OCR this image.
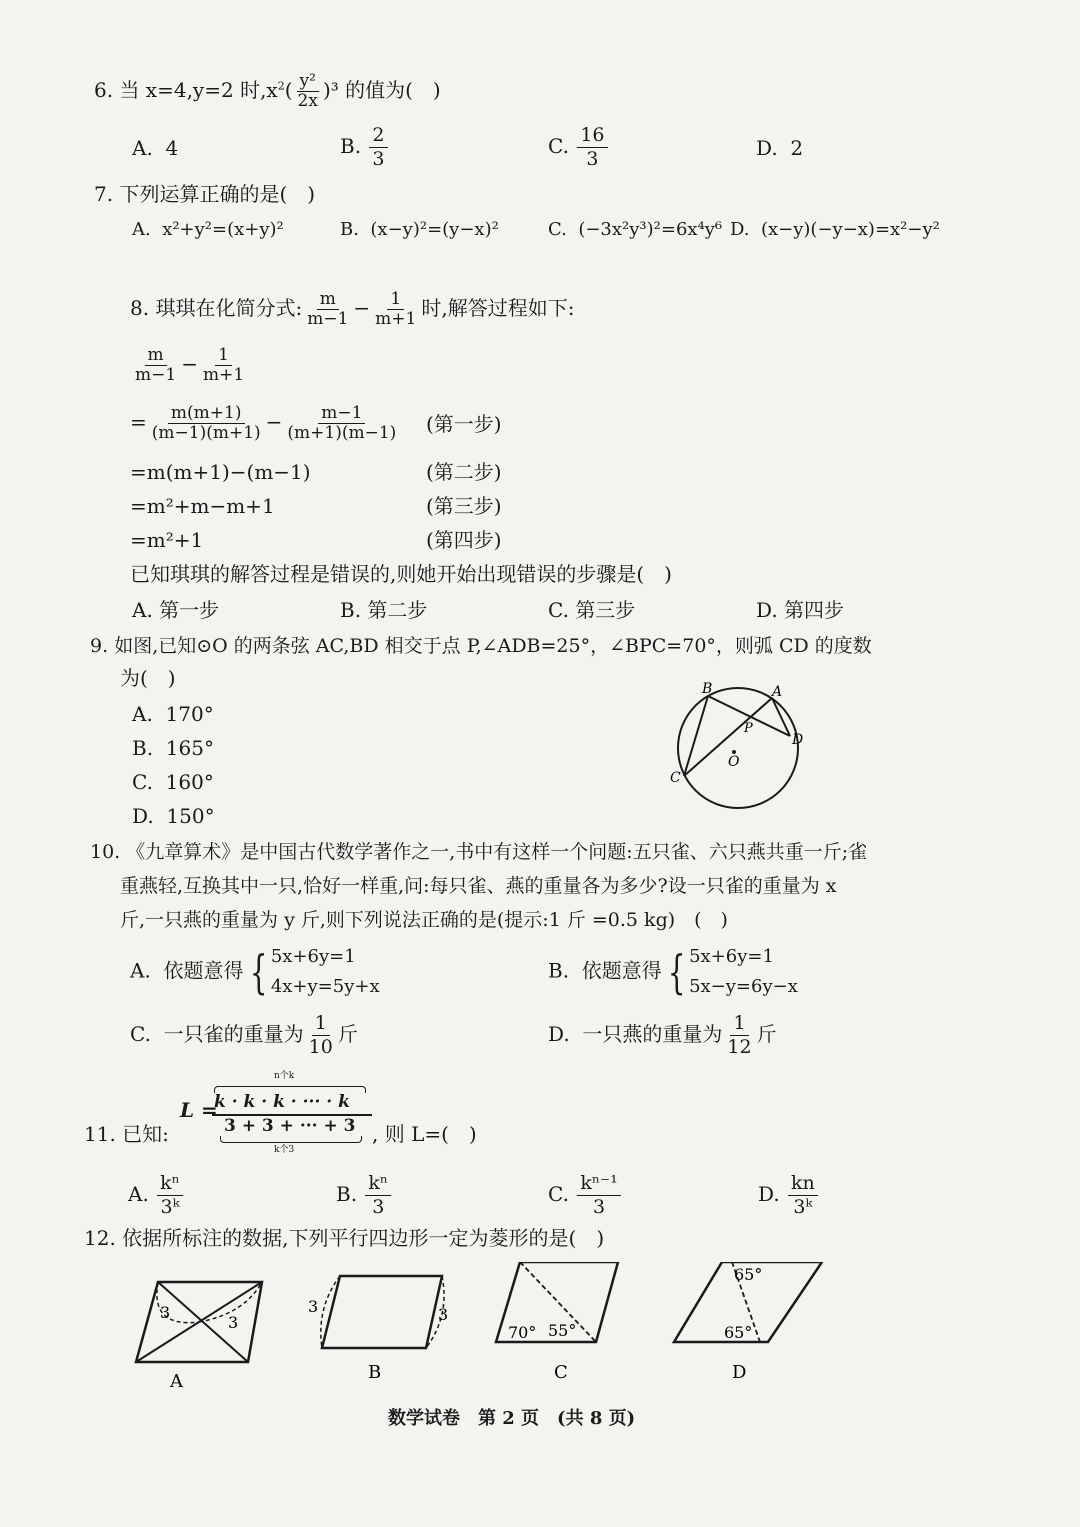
6. 当 x=4,y=2 时$,x^2( \frac{\text{y²}}{2x} )^3$ 的值为(　)
A. 4	B. $\frac{2}{3}$	C. $\frac{16}{3}$	D. 2
7. 下列运算正确的是(　)
A. x²+y²=(x+y)²	B. (x−y)²=(y−x)²	C. (−3x²y³)²=6x⁴y⁶ D. (x−y)(−y−x)=x²−y²
8. 琪琪在化简分式: $\frac{m}{m-1} - \frac{1}{m+1}$ 时,解答过程如下:
$\frac{m}{m-1} - \frac{1}{m+1}$
= $\frac{m(m+1)}{(m-1)(m+1)} - \frac{m-1}{(m+1)(m-1)}$ (第一步)
=m(m+1)−(m−1)	(第二步)
=m²+m−m+1	(第三步)
=m²+1	(第四步)
已知琪琪的解答过程是错误的,则她开始出现错误的步骤是(　)
A. 第一步	B. 第二步	C. 第三步	D. 第四步
9. 如图,已知⊙O 的两条弦 AC,BD 相交于点 P,∠ADB=25°，∠BPC=70°，则弧 CD 的度数
为(　)
A. 170°
B. 165°
C. 160°
D. 150°
B	A
P
D
O
C
10. 《九章算术》是中国古代数学著作之一,书中有这样一个问题:五只雀、六只燕共重一斤;雀
重燕轻,互换其中一只,恰好一样重,问:每只雀、燕的重量各为多少?设一只雀的重量为 x
斤,一只燕的重量为 y 斤,则下列说法正确的是(提示:1 斤 =0.5 kg)　(　)
A. 依题意得 { 5x+6y=1
4x+y=5y+x
B. 依题意得 { 5x+6y=1
5x−y=6y−x
C. 一只雀的重量为 $\frac{1}{10}$ 斤	D. 一只燕的重量为 $\frac{1}{12}$ 斤
11. 已知:
L =
n个k
k · k · k · ··· · k
3 + 3 + ··· + 3
k个3
, 则 L=(　)
A. $\frac{\text{kⁿ}}{\text{3ᵏ}}$	B. $\frac{\text{kⁿ}}{3}$	C. $\frac{\text{kⁿ⁻¹}}{3}$	D. $\frac{kn}{\text{3ᵏ}}$
12. 依据所标注的数据,下列平行四边形一定为菱形的是(　)
3
3
A
3	3
B
70° 55°
C
65°
65°
D
数学试卷　第 2 页　(共 8 页)
